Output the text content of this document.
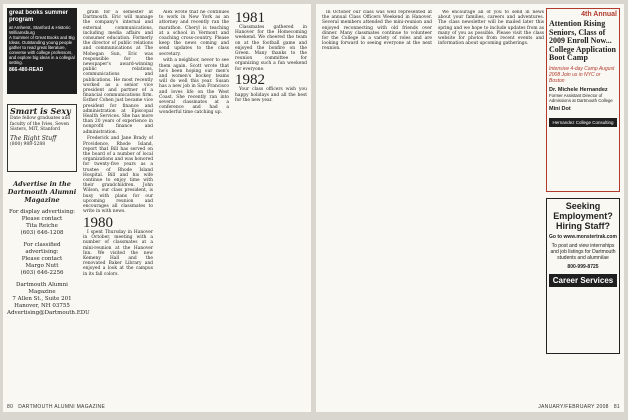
great books summer program
at Amherst, Stanford & Historic Williamsburg
A Summer of Great Books and Big Ideas. Outstanding young people gather to read great literature, converse with college professors, and explore big ideas in a collegial setting.
866-480-READ
Smart is Sexy
Date fellow graduates and faculty of the Ivies, Seven Sisters, MIT, Stanford
The Right Stuff
(800) 988-5288
Advertise in the Dartmouth Alumni Magazine
For display advertising:
Please contact
Tita Reiche
(603) 646-1208
For classified advertising:
Please contact
Margo Nutt
(603) 646-2256
Dartmouth Alumni Magazine
7 Allen St., Suite 201
Hanover, NH 03755
Advertising@Dartmouth.EDU

gram for a semester at Dartmouth. Eric will manage the company's internal and external communications, including media affairs and consumer education. Formerly the director of public relations and communications at The Mohegan Sun, Eric was responsible for the newspaper's award-winning public relations, communications and publications. He most recently worked as a senior vice president and partner of a financial communications firm. Esther Cohen just became vice president for finance and administration at Episcopal Health Services. She has more than 20 years of experience in nonprofit finance and administration.

Frederick and Jane Brady of Providence, Rhode Island, report that Bill has served on the board of a number of local organizations and was honored for twenty-five years as a trustee of Rhode Island Hospital. Bill and his wife continue to enjoy time with their grandchildren. John Wilson, our class president, is busy with plans for our upcoming reunion and encourages all classmates to write in with news.

1980

I spent Thursday in Hanover in October, meeting with a number of classmates at a mini-reunion at the Hanover Inn. We visited the new Kemeny Hall and the renovated Baker Library and enjoyed a look at the campus in its fall colors.

Alex wrote that he continues to work in New York as an attorney and recently ran the marathon. Cheryl is teaching at a school in Vermont and coaching cross-country. Please keep the news coming and send updates to the class secretary.

with a neighbor, never to see them again. Scott wrote that he's been hoping our men's and women's hockey teams will do well this year. Susan has a new job in San Francisco and loves life on the West Coast. She recently ran into several classmates at a conference and had a wonderful time catching up.

1981

Classmates gathered in Hanover for the Homecoming weekend. We cheered the team on at the football game and enjoyed the bonfire on the Green. Many thanks to the reunion committee for organizing such a fun weekend for everyone.

1982

Your class officers wish you happy holidays and all the best for the new year.

80 DARTMOUTH ALUMNI MAGAZINE

In October our class was well represented at the annual Class Officers Weekend in Hanover. Several members attended the mini-reunion and enjoyed reconnecting with old friends over dinner. Many classmates continue to volunteer for the College in a variety of roles and are looking forward to seeing everyone at the next reunion.

We encourage all of you to send in news about your families, careers and adventures. The class newsletter will be mailed later this spring and we hope to include updates from as many of you as possible. Please visit the class website for photos from recent events and information about upcoming gatherings.

4th Annual
Attention Rising Seniors, Class of 2009 Enroll Now... College Application Boot Camp
Intensive 4-day Camp August 2008 Join us in NYC or Boston
Dr. Michele Hernandez
Former Assistant Director of Admissions at Dartmouth College
Mini Dot
Hernandez College Consulting
Seeking Employment? Hiring Staff?
Go to www.monstertrak.com
To post and view internships and job listings for Dartmouth students and alumni/ae
800-999-8725
Career Services
JANUARY/FEBRUARY 2008 81
